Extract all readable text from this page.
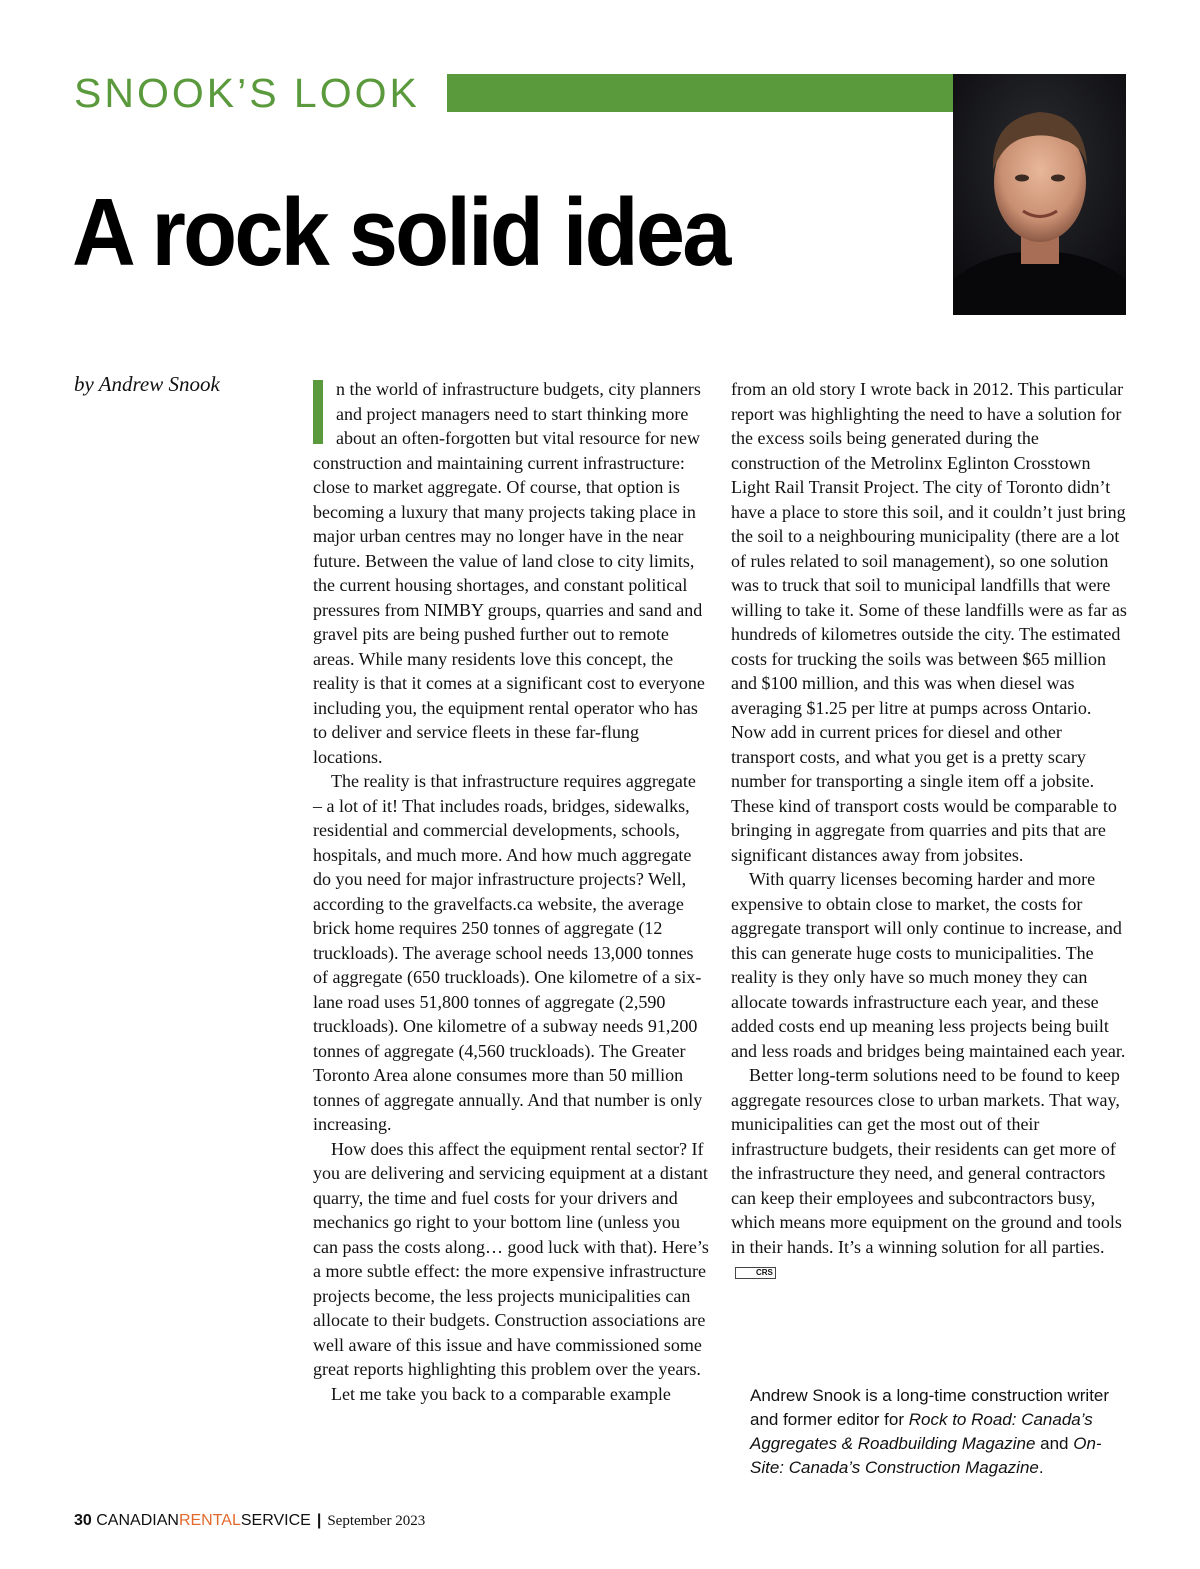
SNOOK’S LOOK
A rock solid idea
by Andrew Snook	n the world of infrastructure budgets, city planners and project managers need to start thinking more about an often-forgotten but vital resource for new construction and maintaining current infrastructure: close to market aggregate. Of course, that option is becoming a luxury that many projects taking place in major urban centres may no longer have in the near future. Between the value of land close to city limits, the current housing shortages, and constant political pressures from NIMBY groups, quarries and sand and gravel pits are being pushed further out to remote areas. While many residents love this concept, the reality is that it comes at a significant cost to everyone including you, the equipment rental operator who has to deliver and service fleets in these far-flung locations.

The reality is that infrastructure requires aggregate – a lot of it! That includes roads, bridges, sidewalks, residential and commercial developments, schools, hospitals, and much more. And how much aggregate do you need for major infrastructure projects? Well, according to the gravelfacts.ca website, the average brick home requires 250 tonnes of aggregate (12 truckloads). The average school needs 13,000 tonnes of aggregate (650 truckloads). One kilometre of a six-lane road uses 51,800 tonnes of aggregate (2,590 truckloads). One kilometre of a subway needs 91,200 tonnes of aggregate (4,560 truckloads). The Greater Toronto Area alone consumes more than 50 million tonnes of aggregate annually. And that number is only increasing.

How does this affect the equipment rental sector? If you are delivering and servicing equipment at a distant quarry, the time and fuel costs for your drivers and mechanics go right to your bottom line (unless you can pass the costs along… good luck with that). Here’s a more subtle effect: the more expensive infrastructure projects become, the less projects municipalities can allocate to their budgets. Construction associations are well aware of this issue and have commissioned some great reports highlighting this problem over the years.

Let me take you back to a comparable example

from an old story I wrote back in 2012. This particular report was highlighting the need to have a solution for the excess soils being generated during the construction of the Metrolinx Eglinton Crosstown Light Rail Transit Project. The city of Toronto didn’t have a place to store this soil, and it couldn’t just bring the soil to a neighbouring municipality (there are a lot of rules related to soil management), so one solution was to truck that soil to municipal landfills that were willing to take it. Some of these landfills were as far as hundreds of kilometres outside the city. The estimated costs for trucking the soils was between $65 million and $100 million, and this was when diesel was averaging $1.25 per litre at pumps across Ontario. Now add in current prices for diesel and other transport costs, and what you get is a pretty scary number for transporting a single item off a jobsite. These kind of transport costs would be comparable to bringing in aggregate from quarries and pits that are significant distances away from jobsites.

With quarry licenses becoming harder and more expensive to obtain close to market, the costs for aggregate transport will only continue to increase, and this can generate huge costs to municipalities. The reality is they only have so much money they can allocate towards infrastructure each year, and these added costs end up meaning less projects being built and less roads and bridges being maintained each year.

Better long-term solutions need to be found to keep aggregate resources close to urban markets. That way, municipalities can get the most out of their infrastructure budgets, their residents can get more of the infrastructure they need, and general contractors can keep their employees and subcontractors busy, which means more equipment on the ground and tools in their hands. It’s a winning solution for all parties.CRS

Andrew Snook is a long-time construction writer and former editor for Rock to Road: Canada’s Aggregates & Roadbuilding Magazine and On-Site: Canada’s Construction Magazine.
30 CANADIANRENTALSERVICE | September 2023
